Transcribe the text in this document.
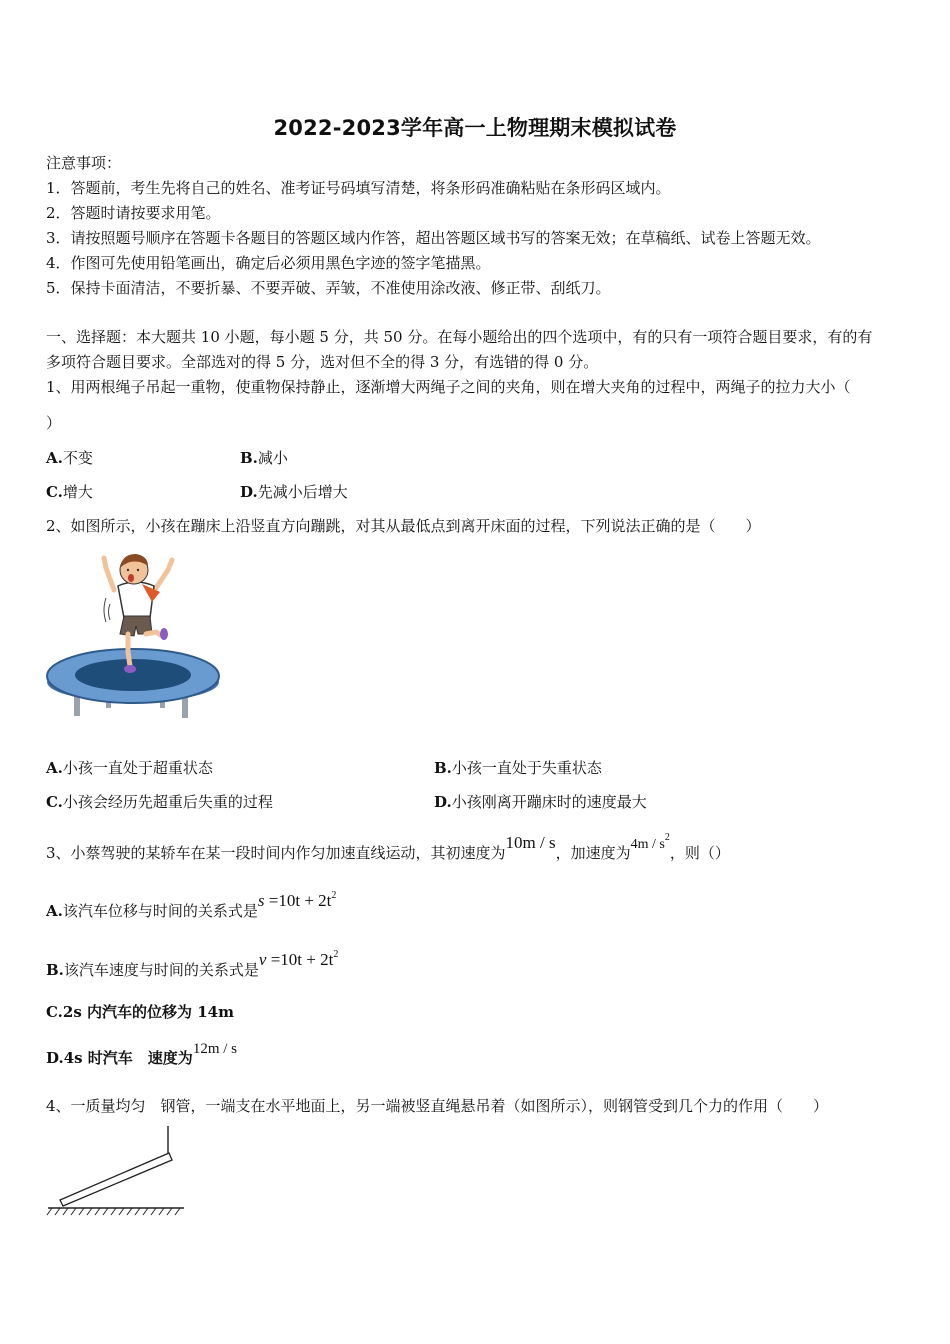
2022-2023学年高一上物理期末模拟试卷
注意事项：
1．答题前，考生先将自己的姓名、准考证号码填写清楚，将条形码准确粘贴在条形码区域内。
2．答题时请按要求用笔。
3．请按照题号顺序在答题卡各题目的答题区域内作答，超出答题区域书写的答案无效；在草稿纸、试卷上答题无效。
4．作图可先使用铅笔画出，确定后必须用黑色字迹的签字笔描黑。
5．保持卡面清洁，不要折暴、不要弄破、弄皱，不准使用涂改液、修正带、刮纸刀。
一、选择题：本大题共 10 小题，每小题 5 分，共 50 分。在每小题给出的四个选项中，有的只有一项符合题目要求，有的有
多项符合题目要求。全部选对的得 5 分，选对但不全的得 3 分，有选错的得 0 分。
1、用两根绳子吊起一重物，使重物保持静止，逐渐增大两绳子之间的夹角，则在增大夹角的过程中，两绳子的拉力大小（
）
A.不变	B.减小
C.增大	D.先减小后增大
2、如图所示，小孩在蹦床上沿竖直方向蹦跳，对其从最低点到离开床面的过程，下列说法正确的是（　　）
A.小孩一直处于超重状态	B.小孩一直处于失重状态
C.小孩会经历先超重后失重的过程	D.小孩刚离开蹦床时的速度最大
3、小蔡驾驶的某轿车在某一段时间内作匀加速直线运动，其初速度为10m / s，加速度为$4m / s^2$，则（）
A.该汽车位移与时间的关系式是$s =10t + 2t^2$
B.该汽车速度与时间的关系式是$v =10t + 2t^2$
C.2s 内汽车的位移为 14m
D.4s 时汽车　速度为12m / s
4、一质量均匀　钢管，一端支在水平地面上，另一端被竖直绳悬吊着（如图所示），则钢管受到几个力的作用（　　）
